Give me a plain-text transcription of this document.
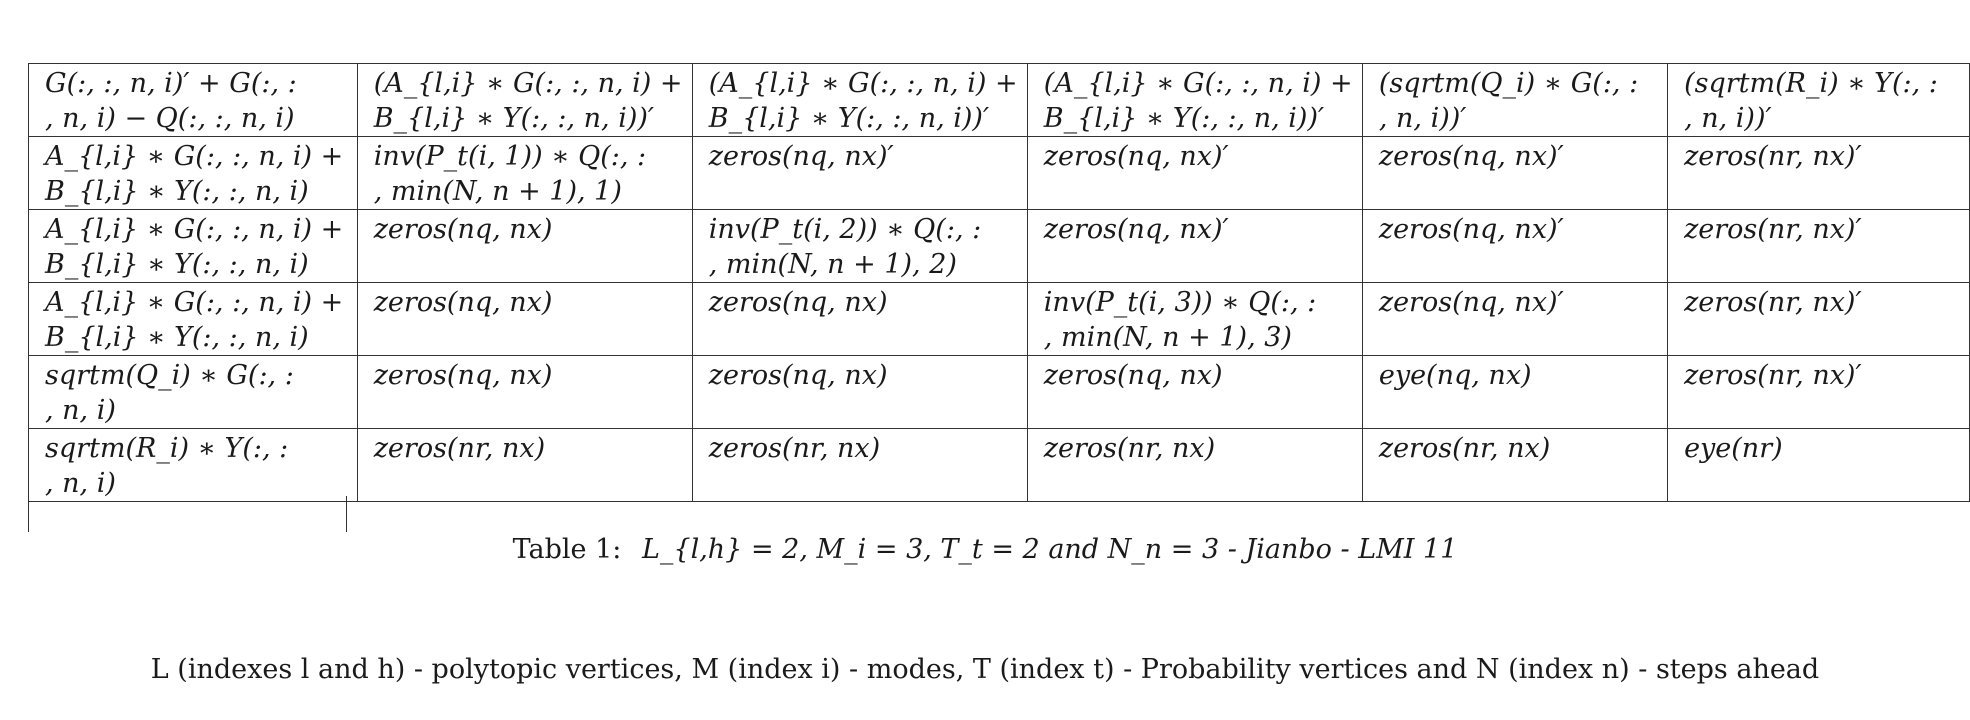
G(:, :, n, i)′ + G(:, :
, n, i) − Q(:, :, n, i)	(A_{l,i} ∗ G(:, :, n, i) +
B_{l,i} ∗ Y(:, :, n, i))′	(A_{l,i} ∗ G(:, :, n, i) +
B_{l,i} ∗ Y(:, :, n, i))′	(A_{l,i} ∗ G(:, :, n, i) +
B_{l,i} ∗ Y(:, :, n, i))′	(sqrtm(Q_i) ∗ G(:, :
, n, i))′	(sqrtm(R_i) ∗ Y(:, :
, n, i))′

A_{l,i} ∗ G(:, :, n, i) +
B_{l,i} ∗ Y(:, :, n, i)	inv(P_t(i, 1)) ∗ Q(:, :
, min(N, n + 1), 1)	zeros(nq, nx)′	zeros(nq, nx)′	zeros(nq, nx)′	zeros(nr, nx)′

A_{l,i} ∗ G(:, :, n, i) +
B_{l,i} ∗ Y(:, :, n, i)	zeros(nq, nx)	inv(P_t(i, 2)) ∗ Q(:, :
, min(N, n + 1), 2)	zeros(nq, nx)′	zeros(nq, nx)′	zeros(nr, nx)′

A_{l,i} ∗ G(:, :, n, i) +
B_{l,i} ∗ Y(:, :, n, i)	zeros(nq, nx)	zeros(nq, nx)	inv(P_t(i, 3)) ∗ Q(:, :
, min(N, n + 1), 3)	zeros(nq, nx)′	zeros(nr, nx)′

sqrtm(Q_i) ∗ G(:, :
, n, i)	zeros(nq, nx)	zeros(nq, nx)	zeros(nq, nx)	eye(nq, nx)	zeros(nr, nx)′

sqrtm(R_i) ∗ Y(:, :
, n, i)	zeros(nr, nx)	zeros(nr, nx)	zeros(nr, nx)	zeros(nr, nx)	eye(nr)
Table 1: L_{l,h} = 2, M_i = 3, T_t = 2 and N_n = 3 - Jianbo - LMI 11
L (indexes l and h) - polytopic vertices, M (index i) - modes, T (index t) - Probability vertices and N (index n) - steps ahead
